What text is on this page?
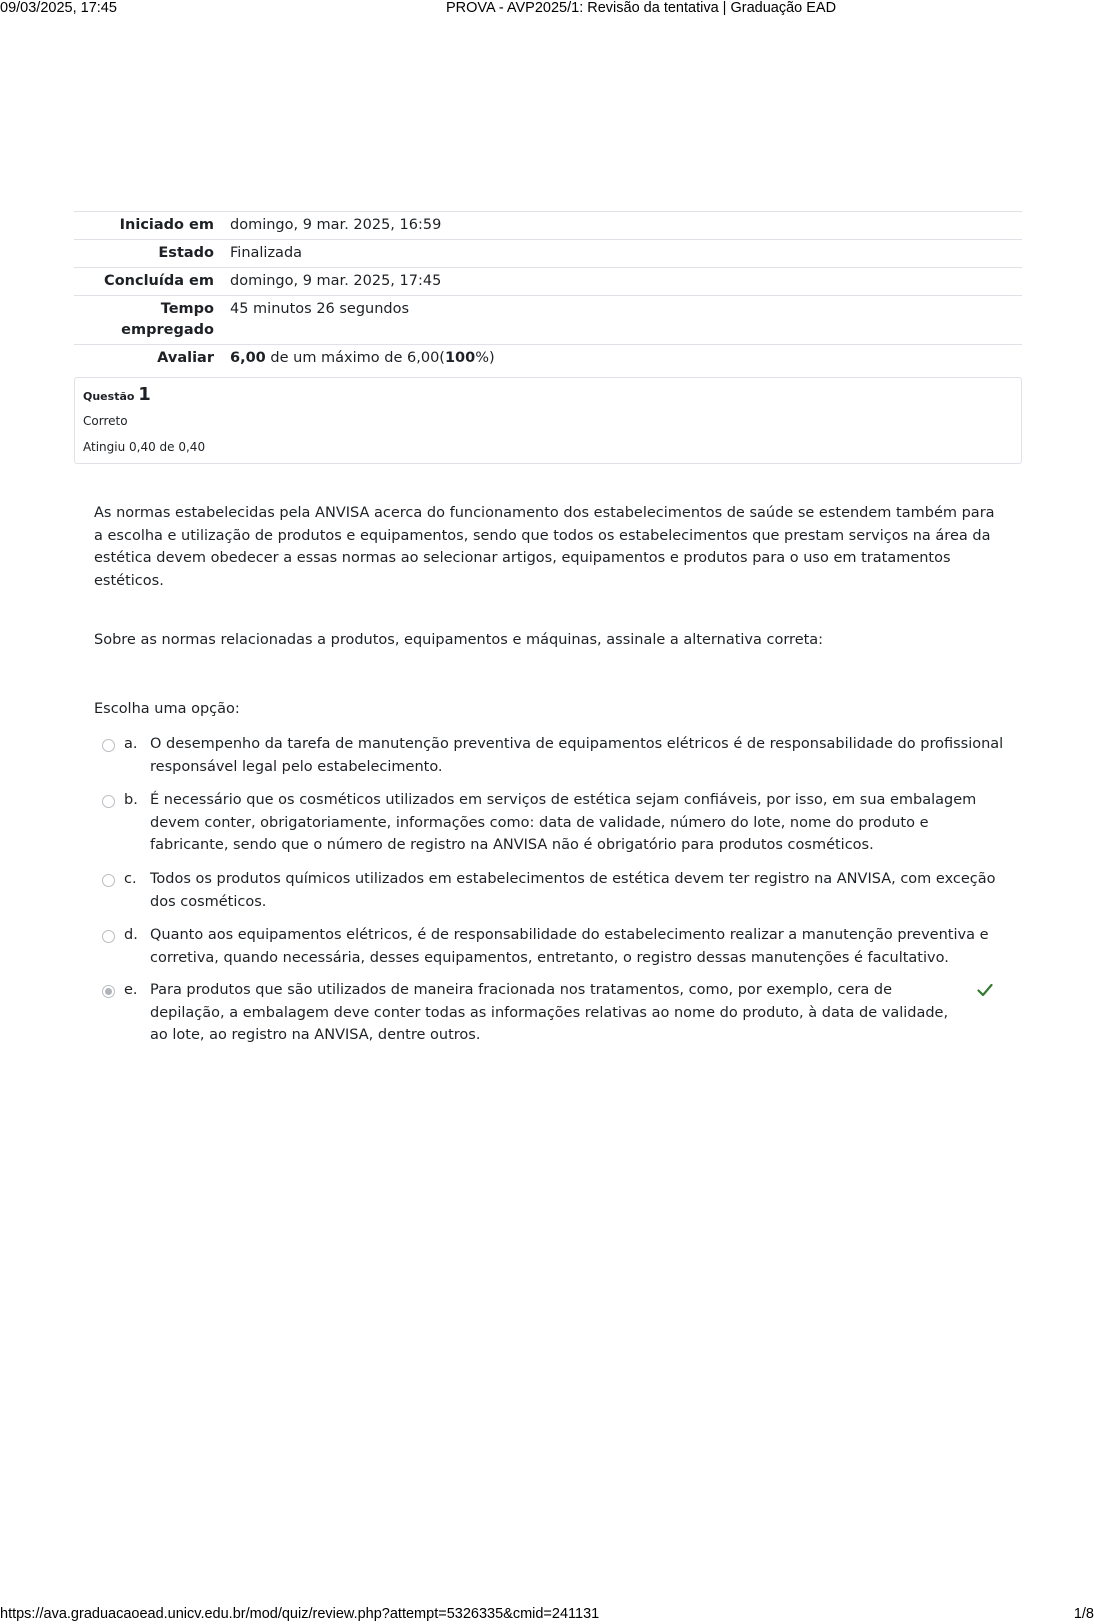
09/03/2025, 17:45	PROVA - AVP2025/1: Revisão da tentativa | Graduação EAD
Iniciado em	domingo, 9 mar. 2025, 16:59
Estado	Finalizada
Concluída em	domingo, 9 mar. 2025, 17:45
Tempo
empregado	45 minutos 26 segundos
Avaliar	6,00 de um máximo de 6,00(100%)
Questão 1
Correto
Atingiu 0,40 de 0,40

As normas estabelecidas pela ANVISA acerca do funcionamento dos estabelecimentos de saúde se estendem também para a escolha e utilização de produtos e equipamentos, sendo que todos os estabelecimentos que prestam serviços na área da estética devem obedecer a essas normas ao selecionar artigos, equipamentos e produtos para o uso em tratamentos estéticos.

Sobre as normas relacionadas a produtos, equipamentos e máquinas, assinale a alternativa correta:

Escolha uma opção:
a. O desempenho da tarefa de manutenção preventiva de equipamentos elétricos é de responsabilidade do profissional responsável legal pelo estabelecimento.
b. É necessário que os cosméticos utilizados em serviços de estética sejam confiáveis, por isso, em sua embalagem devem conter, obrigatoriamente, informações como: data de validade, número do lote, nome do produto e fabricante, sendo que o número de registro na ANVISA não é obrigatório para produtos cosméticos.
c. Todos os produtos químicos utilizados em estabelecimentos de estética devem ter registro na ANVISA, com exceção dos cosméticos.
d. Quanto aos equipamentos elétricos, é de responsabilidade do estabelecimento realizar a manutenção preventiva e corretiva, quando necessária, desses equipamentos, entretanto, o registro dessas manutenções é facultativo.
e. Para produtos que são utilizados de maneira fracionada nos tratamentos, como, por exemplo, cera de depilação, a embalagem deve conter todas as informações relativas ao nome do produto, à data de validade, ao lote, ao registro na ANVISA, dentre outros.
https://ava.graduacaoead.unicv.edu.br/mod/quiz/review.php?attempt=5326335&cmid=241131	1/8
